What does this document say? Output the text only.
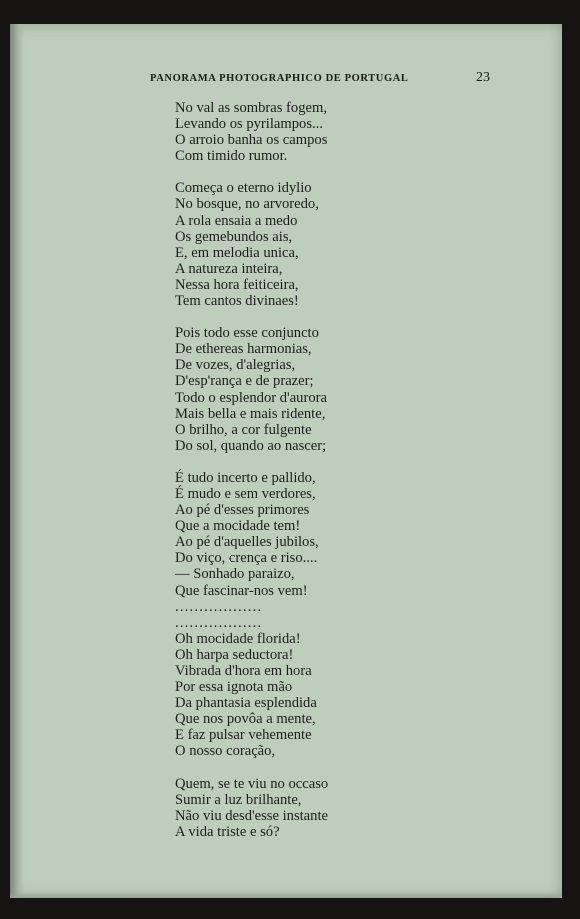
PANORAMA PHOTOGRAPHICO DE PORTUGAL	23
No val as sombras fogem,
Levando os pyrilampos...
O arroio banha os campos
Com timido rumor.
Começa o eterno idylio
No bosque, no arvoredo,
A rola ensaia a medo
Os gemebundos ais,
E, em melodia unica,
A natureza inteira,
Nessa hora feiticeira,
Tem cantos divinaes!
Pois todo esse conjuncto
De ethereas harmonias,
De vozes, d'alegrias,
D'esp'rança e de prazer;
Todo o esplendor d'aurora
Mais bella e mais ridente,
O brilho, a cor fulgente
Do sol, quando ao nascer;
É tudo incerto e pallido,
É mudo e sem verdores,
Ao pé d'esses primores
Que a mocidade tem!
Ao pé d'aquelles jubilos,
Do viço, crença e riso....
— Sonhado paraizo,
Que fascinar-nos vem!
..................
..................
Oh mocidade florida!
Oh harpa seductora!
Vibrada d'hora em hora
Por essa ignota mão
Da phantasia esplendida
Que nos povôa a mente,
E faz pulsar vehemente
O nosso coração,
Quem, se te viu no occaso
Sumir a luz brilhante,
Não viu desd'esse instante
A vida triste e só?
